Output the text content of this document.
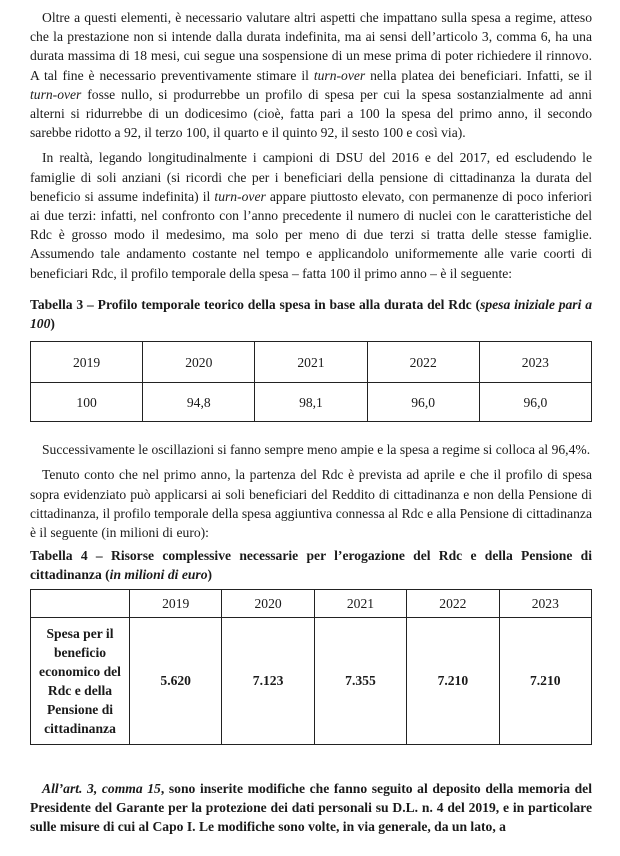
Oltre a questi elementi, è necessario valutare altri aspetti che impattano sulla spesa a regime, atteso che la prestazione non si intende dalla durata indefinita, ma ai sensi dell’articolo 3, comma 6, ha una durata massima di 18 mesi, cui segue una sospensione di un mese prima di poter richiedere il rinnovo. A tal fine è necessario preventivamente stimare il turn-over nella platea dei beneficiari. Infatti, se il turn-over fosse nullo, si produrrebbe un profilo di spesa per cui la spesa sostanzialmente ad anni alterni si ridurrebbe di un dodicesimo (cioè, fatta pari a 100 la spesa del primo anno, il secondo sarebbe ridotto a 92, il terzo 100, il quarto e il quinto 92, il sesto 100 e così via).

In realtà, legando longitudinalmente i campioni di DSU del 2016 e del 2017, ed escludendo le famiglie di soli anziani (si ricordi che per i beneficiari della pensione di cittadinanza la durata del beneficio si assume indefinita) il turn-over appare piuttosto elevato, con permanenze di poco inferiori ai due terzi: infatti, nel confronto con l’anno precedente il numero di nuclei con le caratteristiche del Rdc è grosso modo il medesimo, ma solo per meno di due terzi si tratta delle stesse famiglie. Assumendo tale andamento costante nel tempo e applicandolo uniformemente alle varie coorti di beneficiari Rdc, il profilo temporale della spesa – fatta 100 il primo anno – è il seguente:

Tabella 3 – Profilo temporale teorico della spesa in base alla durata del Rdc (spesa iniziale pari a 100)
2019	2020	2021	2022	2023
100	94,8	98,1	96,0	96,0

Successivamente le oscillazioni si fanno sempre meno ampie e la spesa a regime si colloca al 96,4%.

Tenuto conto che nel primo anno, la partenza del Rdc è prevista ad aprile e che il profilo di spesa sopra evidenziato può applicarsi ai soli beneficiari del Reddito di cittadinanza e non della Pensione di cittadinanza, il profilo temporale della spesa aggiuntiva connessa al Rdc e alla Pensione di cittadinanza è il seguente (in milioni di euro):

Tabella 4 – Risorse complessive necessarie per l’erogazione del Rdc e della Pensione di cittadinanza (in milioni di euro)
	2019	2020	2021	2022	2023
Spesa per il beneficio economico del Rdc e della Pensione di cittadinanza	5.620	7.123	7.355	7.210	7.210

All’art. 3, comma 15, sono inserite modifiche che fanno seguito al deposito della memoria del Presidente del Garante per la protezione dei dati personali su D.L. n. 4 del 2019, e in particolare sulle misure di cui al Capo I. Le modifiche sono volte, in via generale, da un lato, a
